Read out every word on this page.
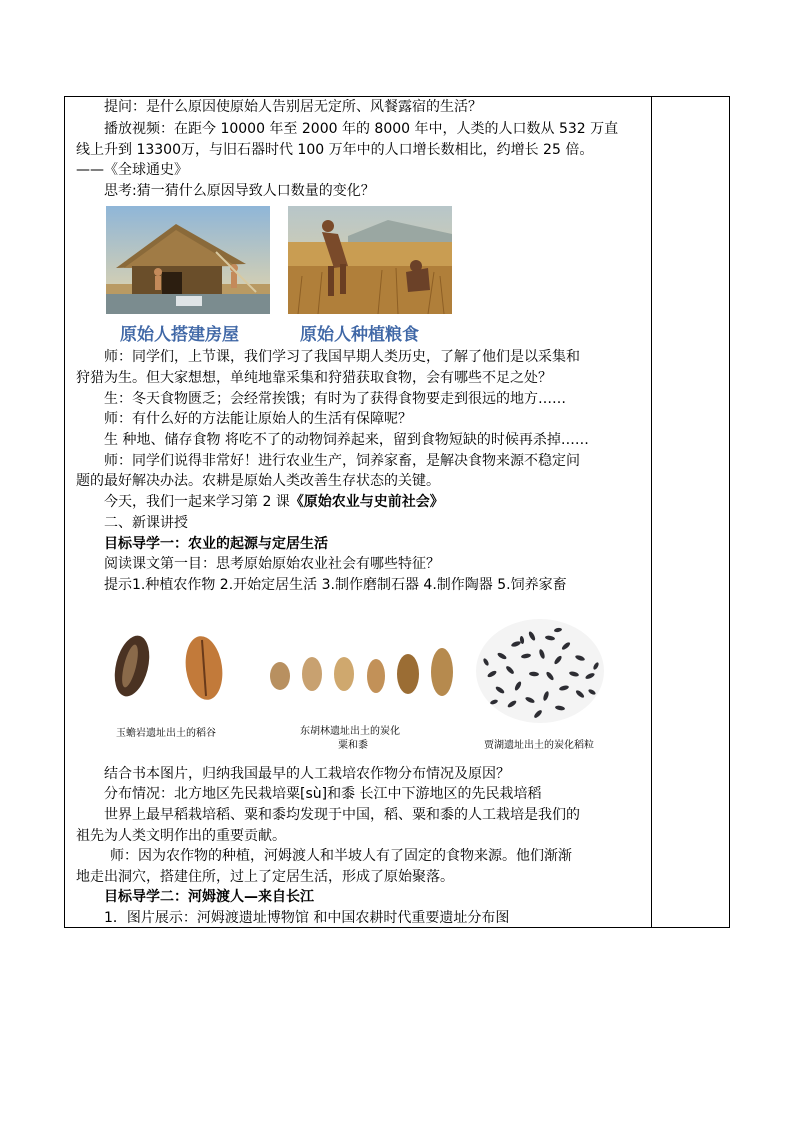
提问：是什么原因使原始人告别居无定所、风餐露宿的生活？
播放视频：在距今 10000 年至 2000 年的 8000 年中，人类的人口数从 532 万直
线上升到 13300万，与旧石器时代 100 万年中的人口增长数相比，约增长 25 倍。
——《全球通史》
思考:猜一猜什么原因导致人口数量的变化？
原始人搭建房屋	原始人种植粮食
师：同学们，上节课，我们学习了我国早期人类历史，了解了他们是以采集和
狩猎为生。但大家想想，单纯地靠采集和狩猎获取食物，会有哪些不足之处？
生：冬天食物匮乏；会经常挨饿；有时为了获得食物要走到很远的地方……
师：有什么好的方法能让原始人的生活有保障呢？
生 种地、储存食物 将吃不了的动物饲养起来，留到食物短缺的时候再杀掉……
师：同学们说得非常好！进行农业生产，饲养家畜，是解决食物来源不稳定问
题的最好解决办法。农耕是原始人类改善生存状态的关键。
今天，我们一起来学习第 2 课《原始农业与史前社会》
二、新课讲授
目标导学一：农业的起源与定居生活
阅读课文第一目：思考原始原始农业社会有哪些特征？
提示1.种植农作物 2.开始定居生活 3.制作磨制石器 4.制作陶器 5.饲养家畜
玉蟾岩遗址出土的稻谷	东胡林遗址出土的炭化
粟和黍	贾湖遗址出土的炭化稻粒
结合书本图片，归纳我国最早的人工栽培农作物分布情况及原因？
分布情况：北方地区先民栽培粟[sù]和黍 长江中下游地区的先民栽培稻
世界上最早稻栽培稻、粟和黍均发现于中国，稻、粟和黍的人工栽培是我们的
祖先为人类文明作出的重要贡献。
师：因为农作物的种植，河姆渡人和半坡人有了固定的食物来源。他们渐渐
地走出洞穴，搭建住所，过上了定居生活，形成了原始聚落。
目标导学二：河姆渡人—来自长江
1．图片展示：河姆渡遗址博物馆 和中国农耕时代重要遗址分布图
